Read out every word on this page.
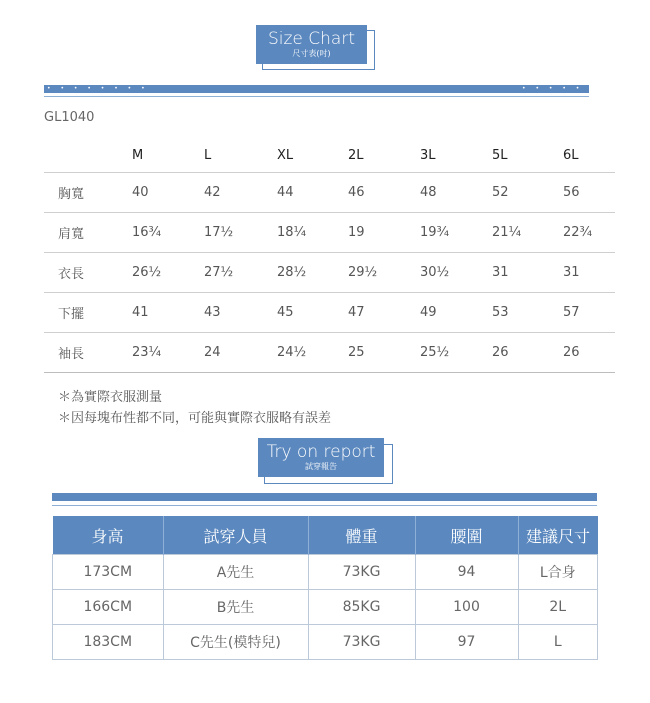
Size Chart
尺寸表(吋)
• • • • • • • •	• • • • • • • •
GL1040
	M	L	XL	2L	3L	5L	6L
胸寬	40	42	44	46	48	52	56
肩寬	16¾	17½	18¼	19	19¾	21¼	22¾
衣長	26½	27½	28½	29½	30½	31	31
下擺	41	43	45	47	49	53	57
袖長	23¼	24	24½	25	25½	26	26
＊為實際衣服測量
＊因每塊布性都不同，可能與實際衣服略有誤差
Try on report
試穿報告
身高	試穿人員	體重	腰圍	建議尺寸
173CM	A先生	73KG	94	L合身
166CM	B先生	85KG	100	2L
183CM	C先生(模特兒)	73KG	97	L
